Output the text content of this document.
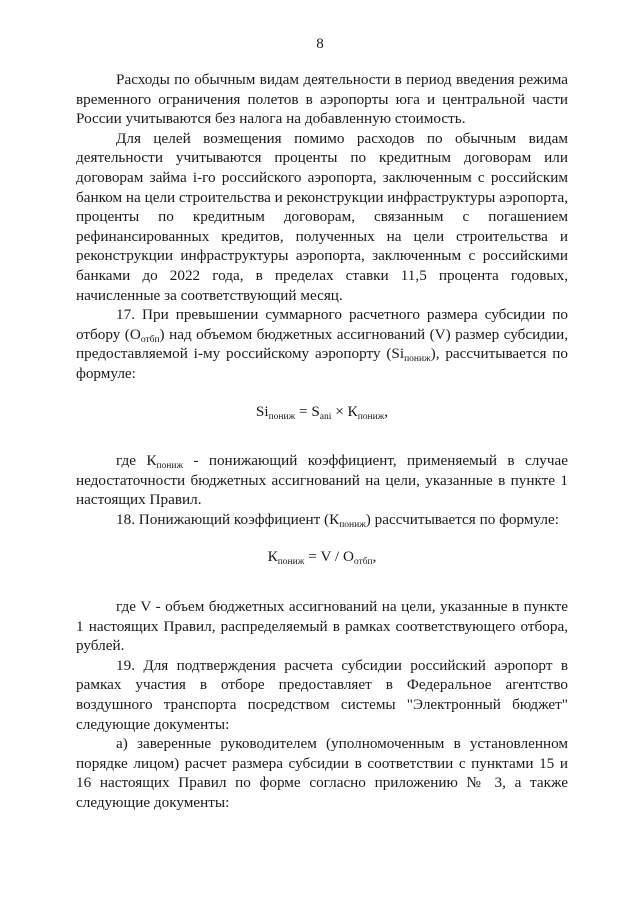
8

Расходы по обычным видам деятельности в период введения режима временного ограничения полетов в аэропорты юга и центральной части России учитываются без налога на добавленную стоимость.

Для целей возмещения помимо расходов по обычным видам деятельности учитываются проценты по кредитным договорам или договорам займа i-го российского аэропорта, заключенным с российским банком на цели строительства и реконструкции инфраструктуры аэропорта, проценты по кредитным договорам, связанным с погашением рефинансированных кредитов, полученных на цели строительства и реконструкции инфраструктуры аэропорта, заключенным с российскими банками до 2022 года, в пределах ставки 11,5 процента годовых, начисленные за соответствующий месяц.

17. При превышении суммарного расчетного размера субсидии по отбору $(О_{отбп})$ над объемом бюджетных ассигнований (V) размер субсидии, предоставляемой i-му российскому аэропорту $(Si_{пониж})$, рассчитывается по формуле:

$Si_{пониж} = S_{ani} \times К_{пониж}$,

где $К_{пониж}$ - понижающий коэффициент, применяемый в случае недостаточности бюджетных ассигнований на цели, указанные в пункте 1 настоящих Правил.

18. Понижающий коэффициент $(К_{пониж})$ рассчитывается по формуле:

$К_{пониж} = V / О_{отбп}$,

где V - объем бюджетных ассигнований на цели, указанные в пункте 1 настоящих Правил, распределяемый в рамках соответствующего отбора, рублей.

19. Для подтверждения расчета субсидии российский аэропорт в рамках участия в отборе предоставляет в Федеральное агентство воздушного транспорта посредством системы "Электронный бюджет" следующие документы:

а) заверенные руководителем (уполномоченным в установленном порядке лицом) расчет размера субсидии в соответствии с пунктами 15 и 16 настоящих Правил по форме согласно приложению № 3, а также следующие документы:
